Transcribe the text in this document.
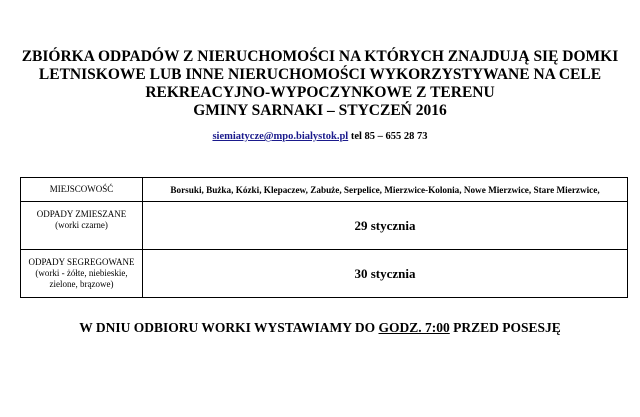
ZBIÓRKA ODPADÓW Z NIERUCHOMOŚCI NA KTÓRYCH ZNAJDUJĄ SIĘ DOMKI
LETNISKOWE LUB INNE NIERUCHOMOŚCI WYKORZYSTYWANE NA CELE
REKREACYJNO-WYPOCZYNKOWE Z TERENU
GMINY SARNAKI – STYCZEŃ 2016
siemiatycze@mpo.bialystok.pl tel 85 – 655 28 73
MIEJSCOWOŚĆ	Borsuki, Bużka, Kózki, Klepaczew, Zabuże, Serpelice, Mierzwice-Kolonia, Nowe Mierzwice, Stare Mierzwice,

ODPADY ZMIESZANE
(worki czarne)	29 stycznia

ODPADY SEGREGOWANE
(worki - żółte, niebieskie,
zielone, brązowe)	30 stycznia
W DNIU ODBIORU WORKI WYSTAWIAMY DO GODZ. 7:00 PRZED POSESJĘ
